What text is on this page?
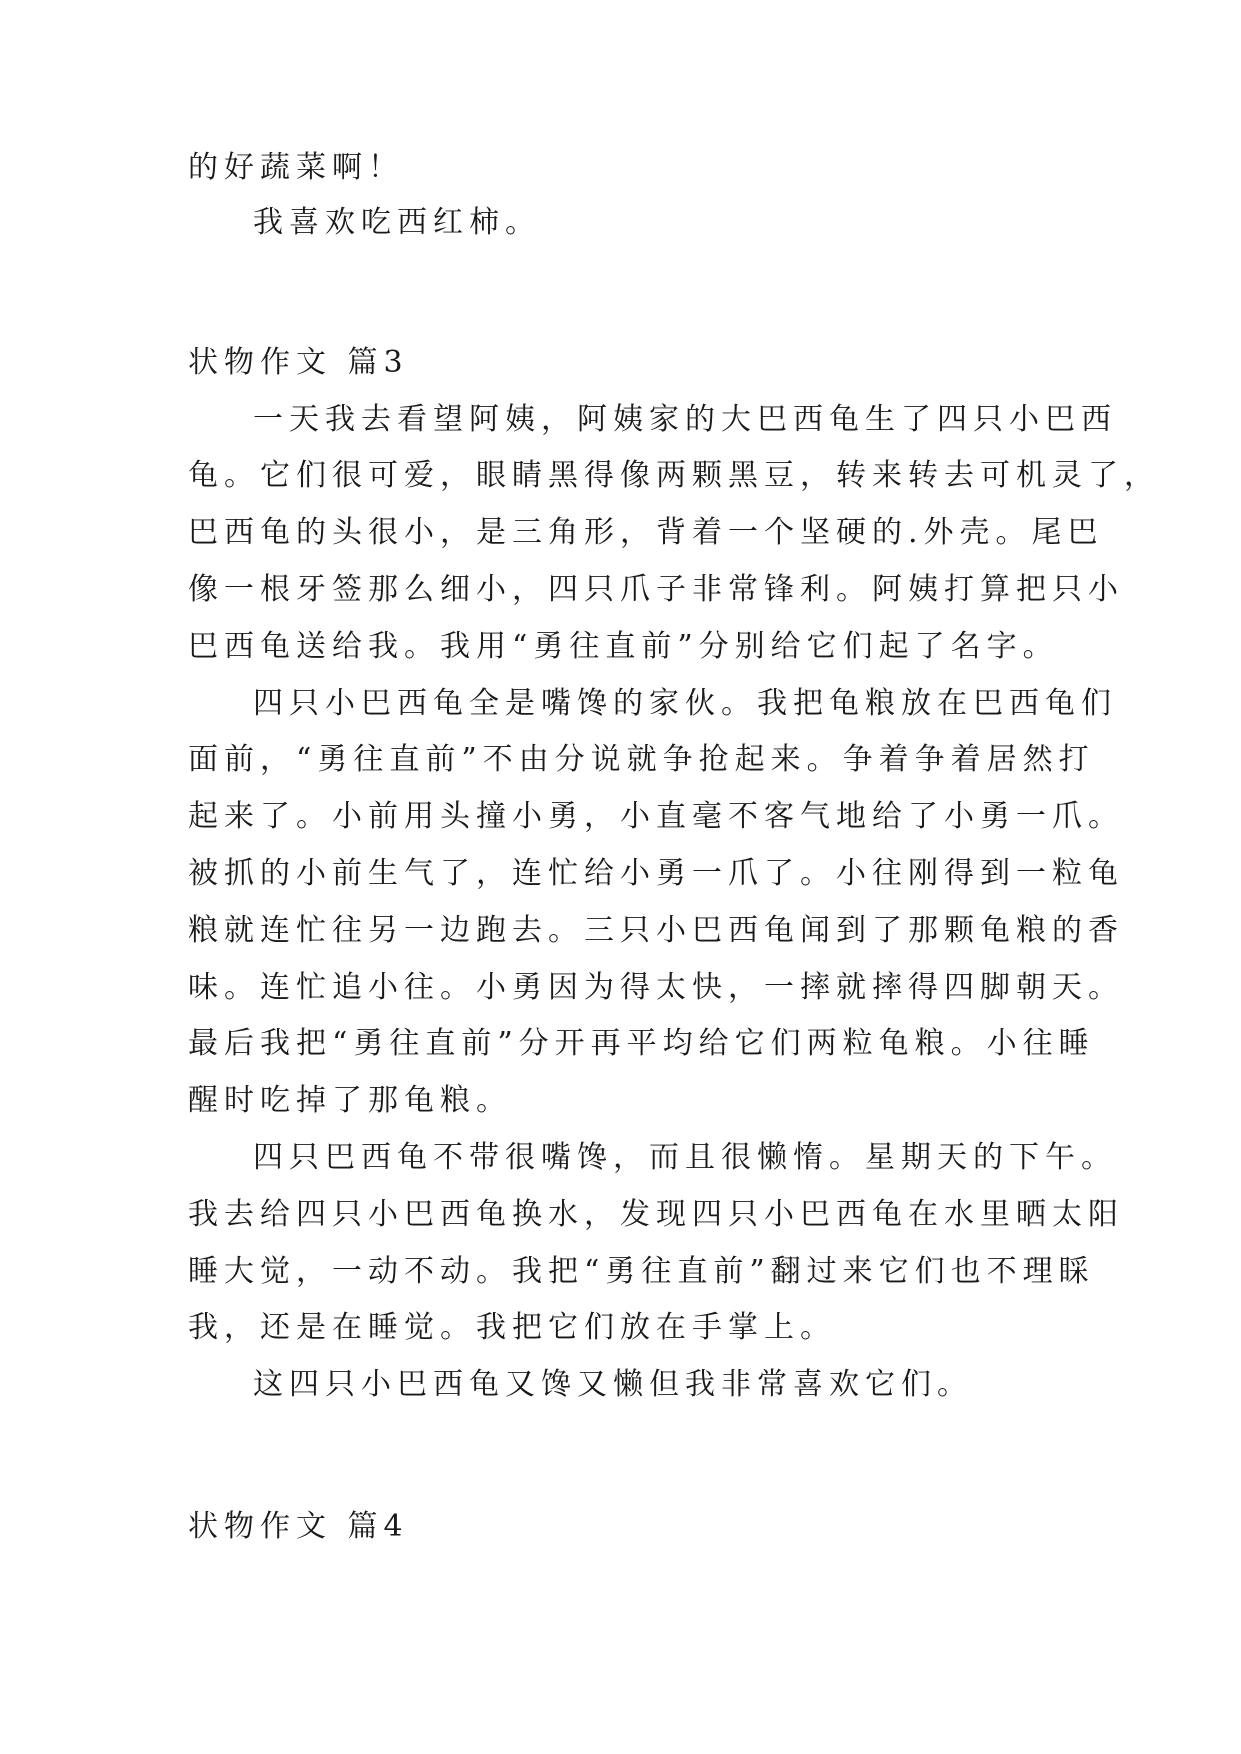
的好蔬菜啊！
我喜欢吃西红柿。
状物作文 篇3
一天我去看望阿姨，阿姨家的大巴西龟生了四只小巴西
龟。它们很可爱，眼睛黑得像两颗黑豆，转来转去可机灵了，
巴西龟的头很小，是三角形，背着一个坚硬的.外壳。尾巴
像一根牙签那么细小，四只爪子非常锋利。阿姨打算把只小
巴西龟送给我。我用“勇往直前”分别给它们起了名字。
四只小巴西龟全是嘴馋的家伙。我把龟粮放在巴西龟们
面前，“勇往直前”不由分说就争抢起来。争着争着居然打
起来了。小前用头撞小勇，小直毫不客气地给了小勇一爪。
被抓的小前生气了，连忙给小勇一爪了。小往刚得到一粒龟
粮就连忙往另一边跑去。三只小巴西龟闻到了那颗龟粮的香
味。连忙追小往。小勇因为得太快，一摔就摔得四脚朝天。
最后我把“勇往直前”分开再平均给它们两粒龟粮。小往睡
醒时吃掉了那龟粮。
四只巴西龟不带很嘴馋，而且很懒惰。星期天的下午。
我去给四只小巴西龟换水，发现四只小巴西龟在水里晒太阳
睡大觉，一动不动。我把“勇往直前”翻过来它们也不理睬
我，还是在睡觉。我把它们放在手掌上。
这四只小巴西龟又馋又懒但我非常喜欢它们。
状物作文 篇4
